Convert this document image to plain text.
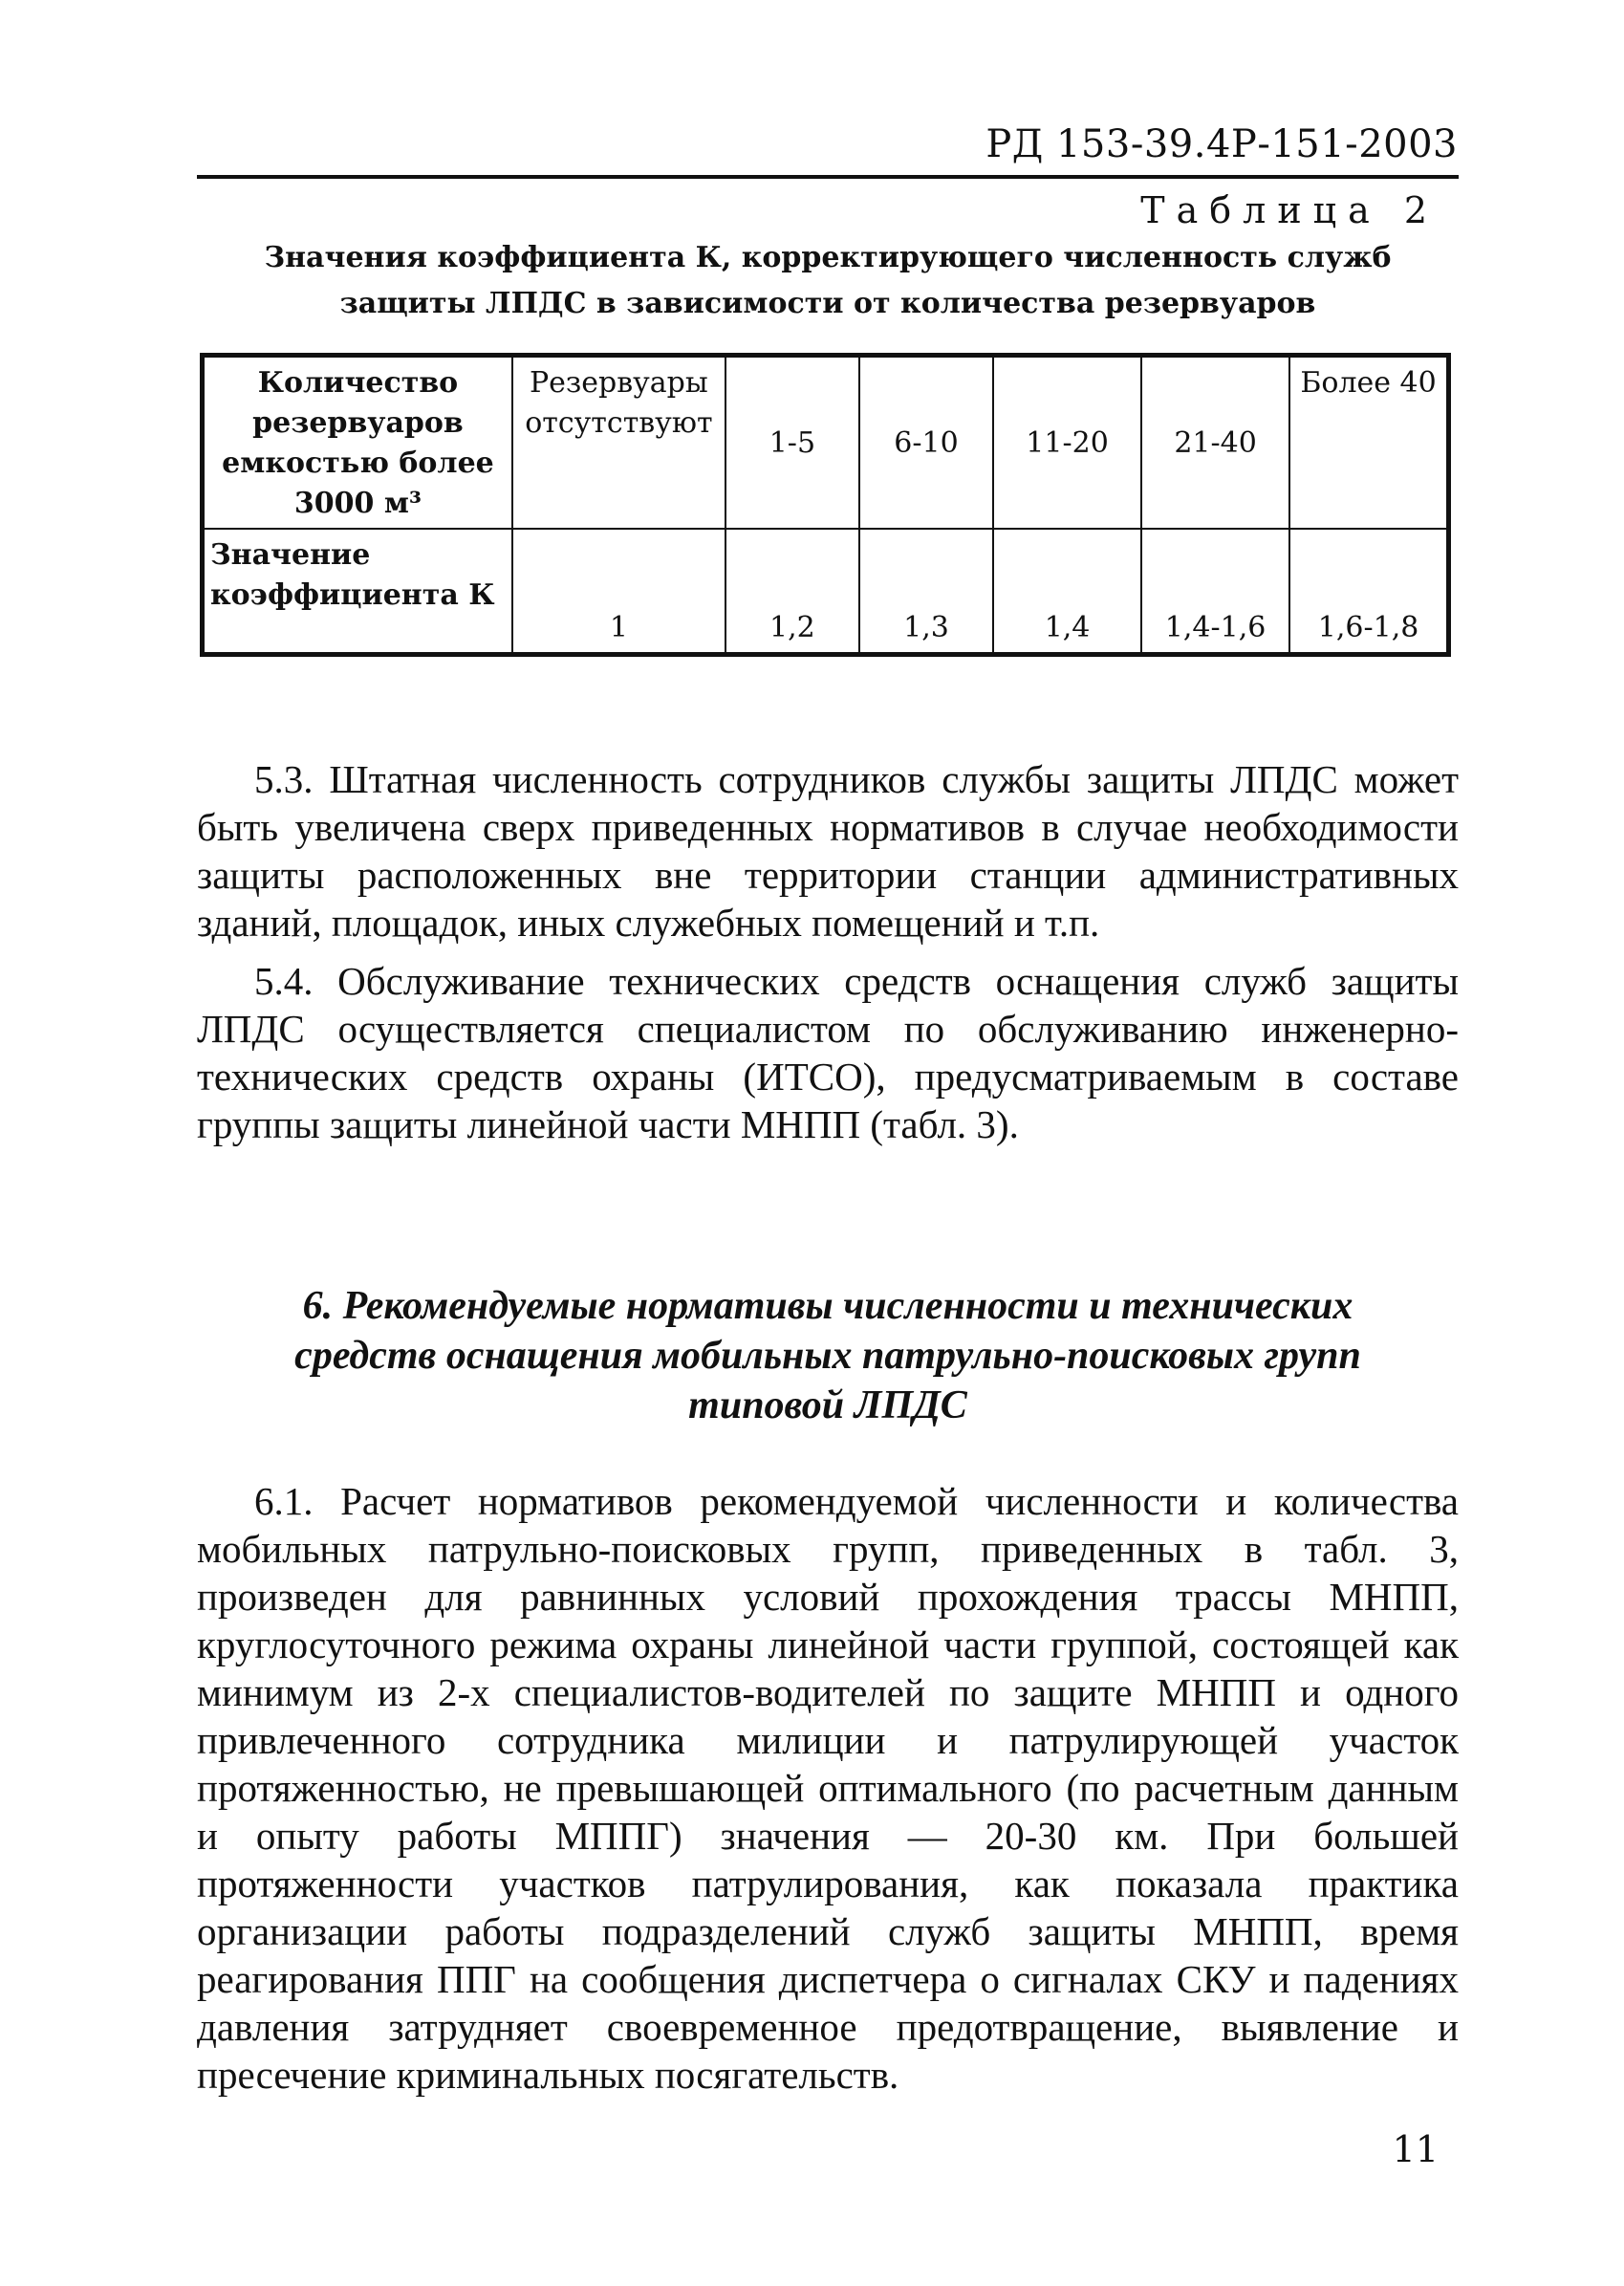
РД 153-39.4Р-151-2003
Таблица 2
Значения коэффициента К, корректирующего численность служб
защиты ЛПДС в зависимости от количества резервуаров
Количество резервуаров емкостью более 3000 м³	Резервуары отсутствуют	1-5	6-10	11-20	21-40	Более 40
Значение коэффициента К	1	1,2	1,3	1,4	1,4-1,6	1,6-1,8

5.3. Штатная численность сотрудников службы защиты ЛПДС может быть увеличена сверх приведенных нормативов в случае необходимости защиты расположенных вне территории станции административных зданий, площадок, иных служебных помещений и т.п.

5.4. Обслуживание технических средств оснащения служб защиты ЛПДС осуществляется специалистом по обслуживанию инженерно-технических средств охраны (ИТСО), предусматриваемым в составе группы защиты линейной части МНПП (табл. 3).

6. Рекомендуемые нормативы численности и технических
средств оснащения мобильных патрульно-поисковых групп
типовой ЛПДС

6.1. Расчет нормативов рекомендуемой численности и количества мобильных патрульно-поисковых групп, приведенных в табл. 3, произведен для равнинных условий прохождения трассы МНПП, круглосуточного режима охраны линейной части группой, состоящей как минимум из 2-х специалистов-водителей по защите МНПП и одного привлеченного сотрудника милиции и патрулирующей участок протяженностью, не превышающей оптимального (по расчетным данным и опыту работы МППГ) значения — 20-30 км. При большей протяженности участков патрулирования, как показала практика организации работы подразделений служб защиты МНПП, время реагирования ППГ на сообщения диспетчера о сигналах СКУ и падениях давления затрудняет своевременное предотвращение, выявление и пресечение криминальных посягательств.

11
